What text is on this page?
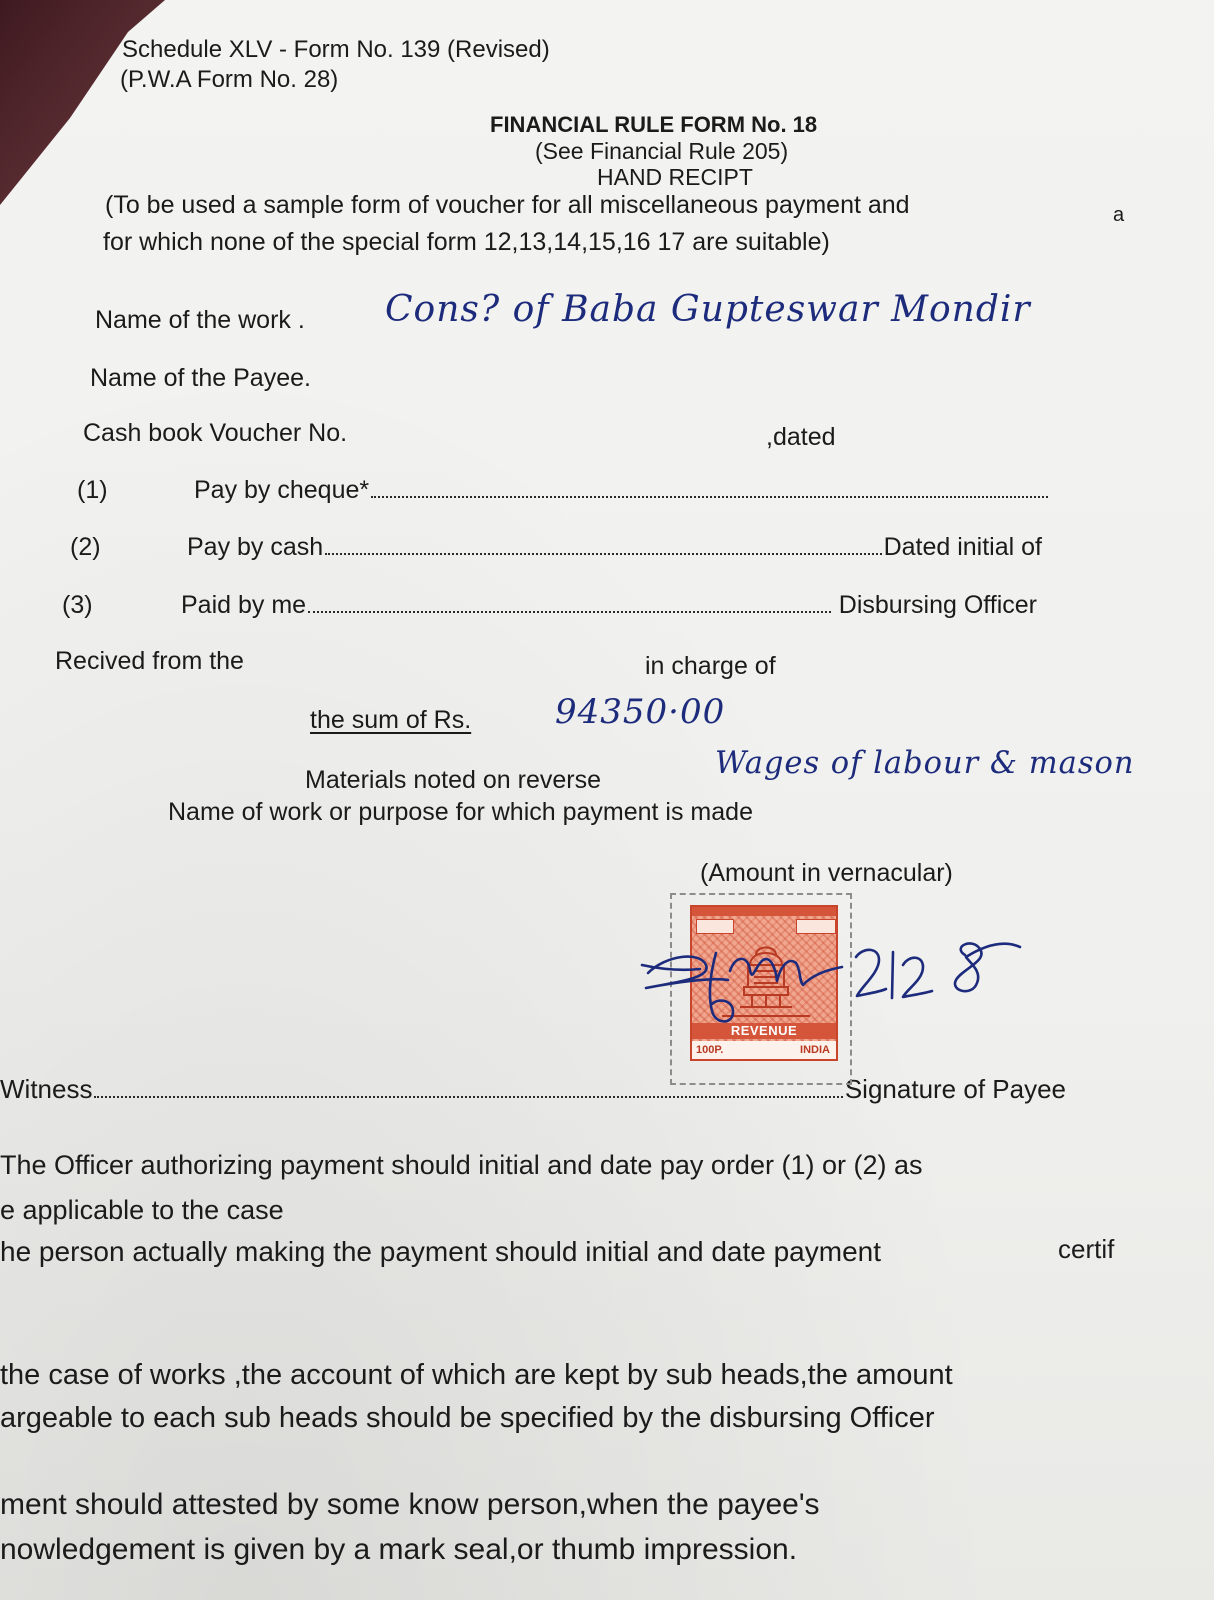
Schedule XLV - Form No. 139 (Revised)
(P.W.A Form No. 28)
FINANCIAL RULE FORM No. 18
(See Financial Rule 205)
HAND RECIPT
(To be used a sample form of voucher for all miscellaneous payment and	a
for which none of the special form 12,13,14,15,16 17 are suitable)
Name of the work . Cons? of Baba Gupteswar Mondir
Name of the Payee.
Cash book Voucher No.	,dated
(1)	Pay by cheque*
(2)	Pay by cash	Dated initial of
(3)	Paid by me	Disbursing Officer
Recived from the	in charge of
the sum of Rs. 94350·00
Materials noted on reverse	Wages of labour & mason
Name of work or purpose for which payment is made
(Amount in vernacular)
Witness	Signature of Payee
REVENUE
100P.	INDIA
The Officer authorizing payment should initial and date pay order (1) or (2) as
e applicable to the case
he person actually making the payment should initial and date payment	certif
the case of works ,the account of which are kept by sub heads,the amount
argeable to each sub heads should be specified by the disbursing Officer
ment should attested by some know person,when the payee's
nowledgement is given by a mark seal,or thumb impression.
